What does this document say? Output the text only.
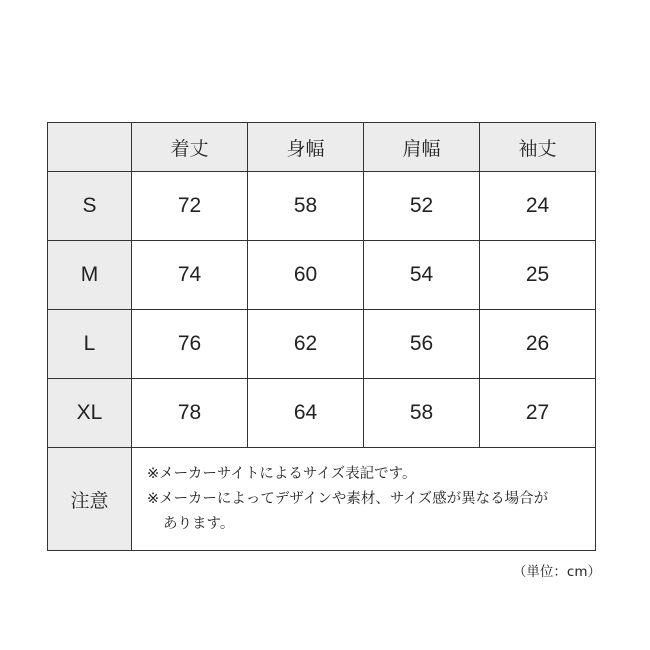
	着丈	身幅	肩幅	袖丈
S	72	58	52	24
M	74	60	54	25
L	76	62	56	26
XL	78	64	58	27
注意	※メーカーサイトによるサイズ表記です。
※メーカーによってデザインや素材、サイズ感が異なる場合が
あります。			
（単位：cm）
